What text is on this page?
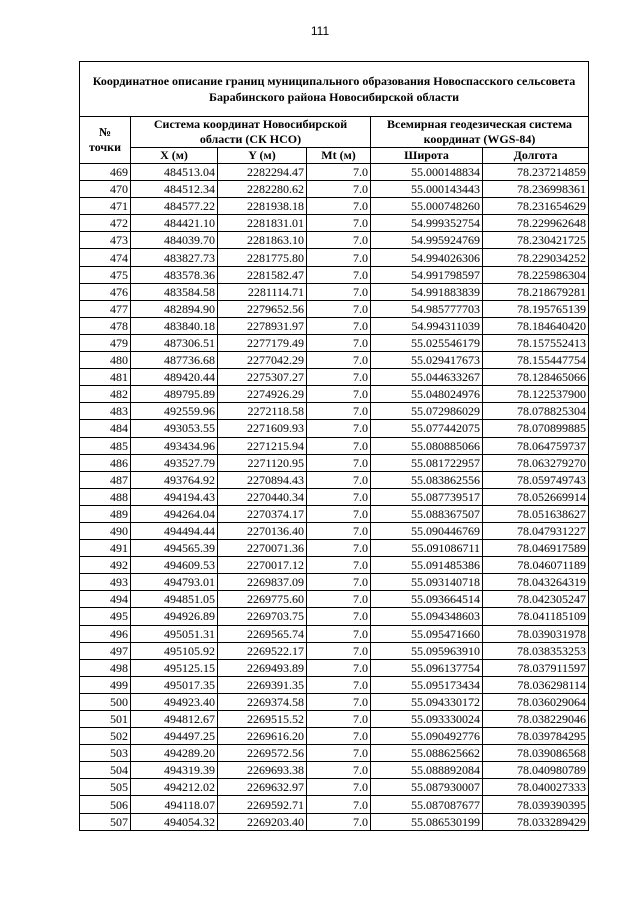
111
Координатное описание границ муниципального образования Новоспасского сельсовета Барабинского района Новосибирской области					
№ точки	Система координат Новосибирской области (СК НСО)			Всемирная геодезическая система координат (WGS-84)	
	X (м)	Y (м)	Mt (м)	Широта	Долгота
469	484513.04	2282294.47	7.0	55.000148834	78.237214859
470	484512.34	2282280.62	7.0	55.000143443	78.236998361
471	484577.22	2281938.18	7.0	55.000748260	78.231654629
472	484421.10	2281831.01	7.0	54.999352754	78.229962648
473	484039.70	2281863.10	7.0	54.995924769	78.230421725
474	483827.73	2281775.80	7.0	54.994026306	78.229034252
475	483578.36	2281582.47	7.0	54.991798597	78.225986304
476	483584.58	2281114.71	7.0	54.991883839	78.218679281
477	482894.90	2279652.56	7.0	54.985777703	78.195765139
478	483840.18	2278931.97	7.0	54.994311039	78.184640420
479	487306.51	2277179.49	7.0	55.025546179	78.157552413
480	487736.68	2277042.29	7.0	55.029417673	78.155447754
481	489420.44	2275307.27	7.0	55.044633267	78.128465066
482	489795.89	2274926.29	7.0	55.048024976	78.122537900
483	492559.96	2272118.58	7.0	55.072986029	78.078825304
484	493053.55	2271609.93	7.0	55.077442075	78.070899885
485	493434.96	2271215.94	7.0	55.080885066	78.064759737
486	493527.79	2271120.95	7.0	55.081722957	78.063279270
487	493764.92	2270894.43	7.0	55.083862556	78.059749743
488	494194.43	2270440.34	7.0	55.087739517	78.052669914
489	494264.04	2270374.17	7.0	55.088367507	78.051638627
490	494494.44	2270136.40	7.0	55.090446769	78.047931227
491	494565.39	2270071.36	7.0	55.091086711	78.046917589
492	494609.53	2270017.12	7.0	55.091485386	78.046071189
493	494793.01	2269837.09	7.0	55.093140718	78.043264319
494	494851.05	2269775.60	7.0	55.093664514	78.042305247
495	494926.89	2269703.75	7.0	55.094348603	78.041185109
496	495051.31	2269565.74	7.0	55.095471660	78.039031978
497	495105.92	2269522.17	7.0	55.095963910	78.038353253
498	495125.15	2269493.89	7.0	55.096137754	78.037911597
499	495017.35	2269391.35	7.0	55.095173434	78.036298114
500	494923.40	2269374.58	7.0	55.094330172	78.036029064
501	494812.67	2269515.52	7.0	55.093330024	78.038229046
502	494497.25	2269616.20	7.0	55.090492776	78.039784295
503	494289.20	2269572.56	7.0	55.088625662	78.039086568
504	494319.39	2269693.38	7.0	55.088892084	78.040980789
505	494212.02	2269632.97	7.0	55.087930007	78.040027333
506	494118.07	2269592.71	7.0	55.087087677	78.039390395
507	494054.32	2269203.40	7.0	55.086530199	78.033289429
